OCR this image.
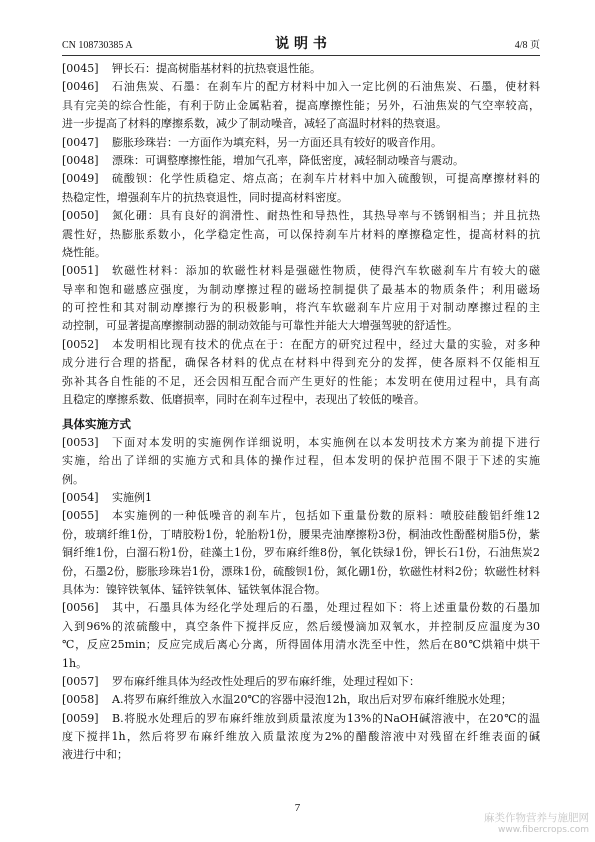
CN 108730385 A	说 明 书	4/8 页
[0045] 钾长石：提高树脂基材料的抗热衰退性能。
[0046] 石油焦炭、石墨：在刹车片的配方材料中加入一定比例的石油焦炭、石墨，使材料
具有完美的综合性能，有利于防止金属粘着，提高摩擦性能；另外，石油焦炭的气空率较高，
进一步提高了材料的摩擦系数，减少了制动噪音，减轻了高温时材料的热衰退。
[0047] 膨胀珍珠岩：一方面作为填充料，另一方面还具有较好的吸音作用。
[0048] 漂珠：可调整摩擦性能，增加气孔率，降低密度，减轻制动噪音与震动。
[0049] 硫酸钡：化学性质稳定、熔点高；在刹车片材料中加入硫酸钡，可提高摩擦材料的
热稳定性，增强刹车片的抗热衰退性，同时提高材料密度。
[0050] 氮化硼：具有良好的润滑性、耐热性和导热性，其热导率与不锈钢相当；并且抗热
震性好，热膨胀系数小，化学稳定性高，可以保持刹车片材料的摩擦稳定性，提高材料的抗
烧性能。
[0051] 软磁性材料：添加的软磁性材料是强磁性物质，使得汽车软磁刹车片有较大的磁
导率和饱和磁感应强度，为制动摩擦过程的磁场控制提供了最基本的物质条件；利用磁场
的可控性和其对制动摩擦行为的积极影响，将汽车软磁刹车片应用于对制动摩擦过程的主
动控制，可显著提高摩擦制动器的制动效能与可靠性并能大大增强驾驶的舒适性。
[0052] 本发明相比现有技术的优点在于：在配方的研究过程中，经过大量的实验，对多种
成分进行合理的搭配，确保各材料的优点在材料中得到充分的发挥，使各原料不仅能相互
弥补其各自性能的不足，还会因相互配合而产生更好的性能；本发明在使用过程中，具有高
且稳定的摩擦系数、低磨损率，同时在刹车过程中，表现出了较低的噪音。
具体实施方式
[0053] 下面对本发明的实施例作详细说明，本实施例在以本发明技术方案为前提下进行
实施，给出了详细的实施方式和具体的操作过程，但本发明的保护范围不限于下述的实施
例。
[0054] 实施例1
[0055] 本实施例的一种低噪音的刹车片，包括如下重量份数的原料：喷胶硅酸铝纤维12
份，玻璃纤维1份，丁晴胶粉1份，轮胎粉1份，腰果壳油摩擦粉3份，桐油改性酚醛树脂5份，紫
铜纤维1份，白溜石粉1份，硅藻土1份，罗布麻纤维8份，氧化铁绿1份，钾长石1份，石油焦炭2
份，石墨2份，膨胀珍珠岩1份，漂珠1份，硫酸钡1份，氮化硼1份，软磁性材料2份；软磁性材料
具体为：镍锌铁氧体、锰锌铁氧体、锰铁氧体混合物。
[0056] 其中，石墨具体为经化学处理后的石墨，处理过程如下：将上述重量份数的石墨加
入到96%的浓硫酸中，真空条件下搅拌反应，然后缓慢滴加双氧水，并控制反应温度为30
℃，反应25min；反应完成后离心分离，所得固体用清水洗至中性，然后在80℃烘箱中烘干
1h。
[0057] 罗布麻纤维具体为经改性处理后的罗布麻纤维，处理过程如下：
[0058] A.将罗布麻纤维放入水温20℃的容器中浸泡12h，取出后对罗布麻纤维脱水处理；
[0059] B.将脱水处理后的罗布麻纤维放到质量浓度为13%的NaOH碱溶液中，在20℃的温
度下搅拌1h，然后将罗布麻纤维放入质量浓度为2%的醋酸溶液中对残留在纤维表面的碱
液进行中和；
7
麻类作物营养与施肥网
www.fibercrops.com
